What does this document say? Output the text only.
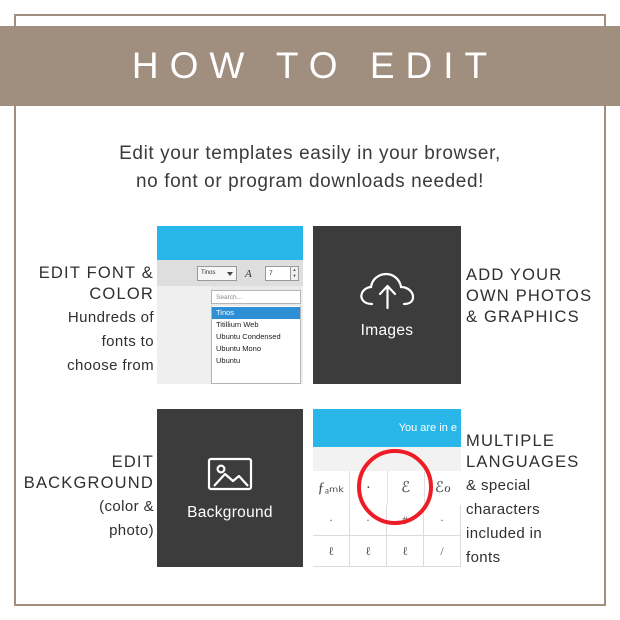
HOW TO EDIT
Edit your templates easily in your browser,
no font or program downloads needed!
EDIT FONT &
COLOR
Hundreds of
fonts to
choose from
ADD YOUR
OWN PHOTOS
& GRAPHICS
EDIT
BACKGROUND
(color &
photo)
MULTIPLE
LANGUAGES
& special
characters
included in
fonts
Tinos	A	7
▲
▼
Search...
Tinos
Titillium Web
Ubuntu Condensed
Ubuntu Mono
Ubuntu
Images
Background
You are in e
ƒₐₘₖ	·	ℰ	ℰℴ
·	·	#	·
ℓ	ℓ	ℓ	/
